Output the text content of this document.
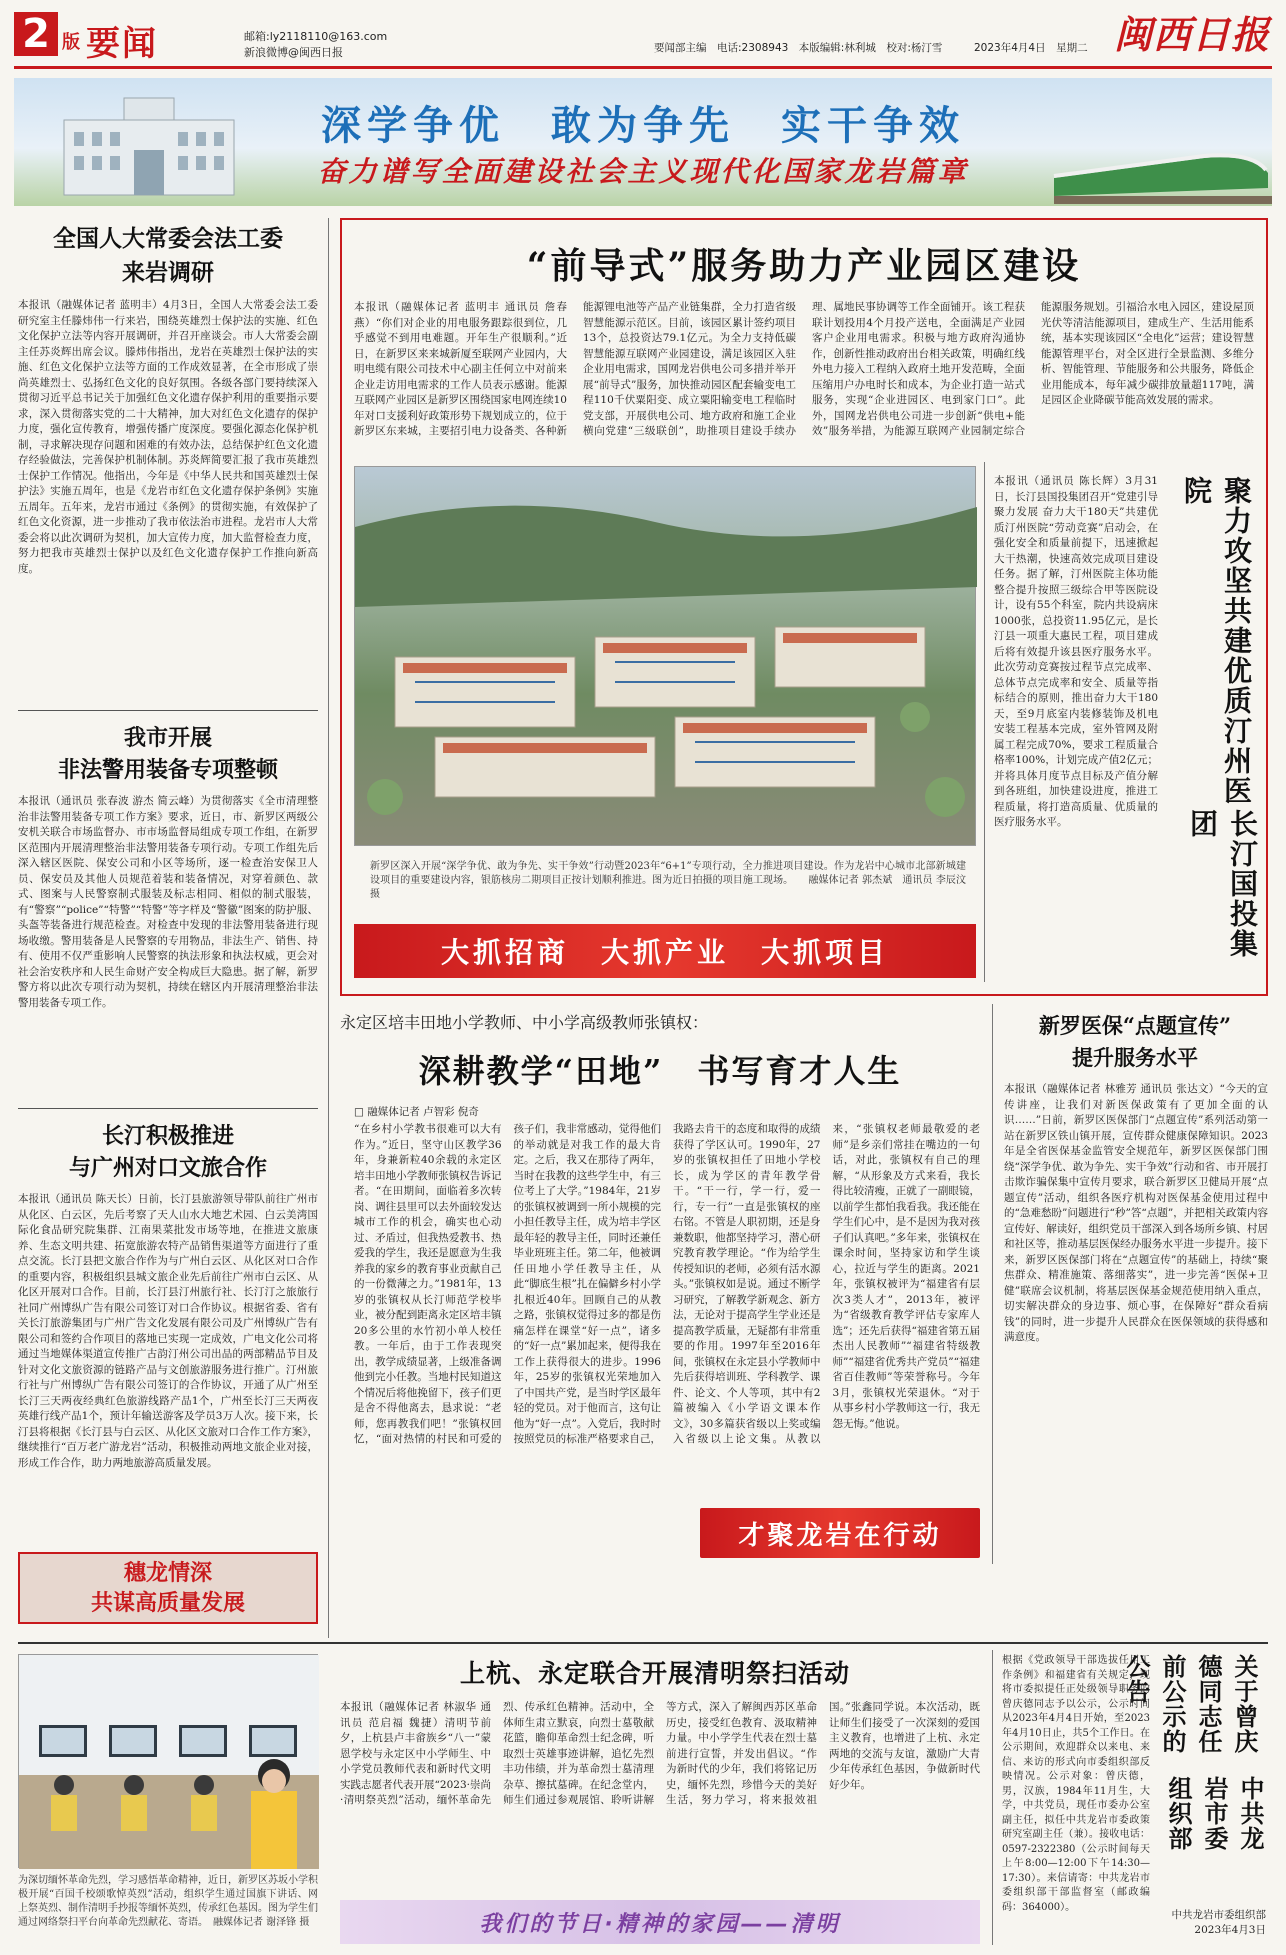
2 版 要闻	邮箱:ly2118110@163.com
新浪微博@闽西日报	要闻部主编　电话:2308943　本版编辑:林利城　校对:杨汀雪	2023年4月4日　星期二 闽西日报
深学争优　敢为争先　实干争效
奋力谱写全面建设社会主义现代化国家龙岩篇章
全国人大常委会法工委
来岩调研
本报讯（融媒体记者 蓝明丰）4月3日，全国人大常委会法工委研究室主任滕炜伟一行来岩，围绕英雄烈士保护法的实施、红色文化保护立法等内容开展调研，并召开座谈会。市人大常委会副主任苏炎辉出席会议。滕炜伟指出，龙岩在英雄烈士保护法的实施、红色文化保护立法等方面的工作成效显著，在全市形成了崇尚英雄烈士、弘扬红色文化的良好氛围。各级各部门要持续深入贯彻习近平总书记关于加强红色文化遗存保护利用的重要指示要求，深入贯彻落实党的二十大精神，加大对红色文化遗存的保护力度，强化宣传教育，增强传播广度深度。要强化源态化保护机制，寻求解决现存问题和困难的有效办法，总结保护红色文化遗存经验做法，完善保护机制体制。苏炎辉简要汇报了我市英雄烈士保护工作情况。他指出，今年是《中华人民共和国英雄烈士保护法》实施五周年，也是《龙岩市红色文化遗存保护条例》实施五周年。五年来，龙岩市通过《条例》的贯彻实施，有效保护了红色文化资源，进一步推动了我市依法治市进程。龙岩市人大常委会将以此次调研为契机，加大宣传力度，加大监督检查力度，努力把我市英雄烈士保护以及红色文化遗存保护工作推向新高度。
我市开展
非法警用装备专项整顿
本报讯（通讯员 张春波 游杰 简云峰）为贯彻落实《全市清理整治非法警用装备专项工作方案》要求，近日，市、新罗区两级公安机关联合市场监督办、市市场监督局组成专项工作组，在新罗区范围内开展清理整治非法警用装备专项行动。专项工作组先后深入辖区医院、保安公司和小区等场所，逐一检查治安保卫人员、保安员及其他人员规范着装和装备情况，对穿着颜色、款式、图案与人民警察制式服装及标志相同、相似的制式服装，有“警察”“police”“特警”“特警”等字样及“警徽”图案的防护服、头盔等装备进行规范检查。对检查中发现的非法警用装备进行现场收缴。警用装备是人民警察的专用物品，非法生产、销售、持有、使用不仅严重影响人民警察的执法形象和执法权威，更会对社会治安秩序和人民生命财产安全构成巨大隐患。据了解，新罗警方将以此次专项行动为契机，持续在辖区内开展清理整治非法警用装备专项工作。
长汀积极推进
与广州对口文旅合作
本报讯（通讯员 陈天长）日前，长汀县旅游领导带队前往广州市从化区、白云区，先后考察了天人山水大地艺术园、白云美湾国际化食品研究院集群、江南果菜批发市场等地，在推进文旅康养、生态文明共建、拓宽旅游农特产品销售渠道等方面进行了重点交流。长汀县把文旅合作作为与广州白云区、从化区对口合作的重要内容，积极组织县城文旅企业先后前往广州市白云区、从化区开展对口合作。目前，长汀县汀州旅行社、长汀汀之旅旅行社同广州博纵广告有限公司签订对口合作协议。根据省委、省有关长汀旅游集团与广州广告文化发展有限公司及广州博纵广告有限公司和签约合作项目的落地已实现一定成效，广电文化公司将通过当地媒体渠道宣传推广古韵汀州公司出品的两部精品节目及针对文化文旅资源的链路产品与文创旅游服务进行推广。汀州旅行社与广州博纵广告有限公司签订的合作协议，开通了从广州至长汀三天两夜经典红色旅游线路产品1个，广州至长汀三天两夜英雄行线产品1个，预计年输送游客及学员3万人次。接下来，长汀县将根据《长汀县与白云区、从化区文旅对口合作工作方案》，继续推行“百万老广游龙岩”活动，积极推动两地文旅企业对接，形成工作合作，助力两地旅游高质量发展。
穗龙情深
共谋高质量发展
“前导式”服务助力产业园区建设
本报讯（融媒体记者 蓝明丰 通讯员 詹春燕）“你们对企业的用电服务跟踪很到位，几乎感觉不到用电难题。开年生产很顺利。”近日，在新罗区来来城新厦至联网产业园内，大明电缆有限公司技术中心副主任何立中对前来企业走访用电需求的工作人员表示感谢。能源互联网产业园区是新罗区围绕国家电网连续10年对口支援利好政策形势下规划成立的，位于新罗区东来城，主要招引电力设备类、各种新能源锂电池等产品产业链集群，全力打造省级智慧能源示范区。目前，该园区累计签约项目13个，总投资达79.1亿元。为全力支持低碳智慧能源互联网产业园建设，满足该园区入驻企业用电需求，国网龙岩供电公司多措并举开展“前导式”服务，加快推动园区配套输变电工程110千伏粟阳变、成立粟阳输变电工程临时党支部，开展供电公司、地方政府和施工企业横向党建“三级联创”，助推项目建设手续办理、属地民事协调等工作全面铺开。该工程获联计划投用4个月投产送电，全面满足产业园客户企业用电需求。积极与地方政府沟通协作，创新性推动政府出台相关政策，明确红线外电力接入工程纳入政府土地开发范畴，全面压缩用户办电时长和成本，为企业打造一站式服务，实现“企业进园区、电到家门口”。此外，国网龙岩供电公司进一步创新“供电+能效”服务举措，为能源互联网产业园制定综合能源服务规划。引福洽水电入园区，建设屋顶光伏等清洁能源项目，建成生产、生活用能系统，基本实现该园区“全电化”运营；建设智慧能源管理平台，对全区进行全景监测、多维分析、智能管理、节能服务和公共服务，降低企业用能成本，每年减少碳排放量超117吨，满足园区企业降碳节能高效发展的需求。
新罗区深入开展“深学争优、敢为争先、实干争效”行动暨2023年“6+1”专项行动，全力推进项目建设。作为龙岩中心城市北部新城建设项目的重要建设内容，银筋核房二期项目正按计划顺利推进。图为近日拍摄的项目施工现场。　　融媒体记者 郭杰斌　通讯员 李辰汶　摄
大抓招商　大抓产业　大抓项目	长汀国投集团
聚力攻坚共建优质汀州医院
本报讯（通讯员 陈长辉）3月31日，长汀县国投集团召开“党建引导 聚力发展 奋力大干180天”共建优质汀州医院“劳动竞赛”启动会，在强化安全和质量前提下，迅速掀起大干热潮，快速高效完成项目建设任务。据了解，汀州医院主体功能整合提升按照三级综合甲等医院设计，设有55个科室，院内共设病床1000张，总投资11.95亿元，是长汀县一项重大惠民工程，项目建成后将有效提升该县医疗服务水平。此次劳动竞赛按过程节点完成率、总体节点完成率和安全、质量等指标结合的原则，推出奋力大干180天，至9月底室内装修装饰及机电安装工程基本完成，室外管网及附属工程完成70%，要求工程质量合格率100%，计划完成产值2亿元；并将具体月度节点目标及产值分解到各班组，加快建设进度，推进工程质量，将打造高质量、优质量的医疗服务水平。
永定区培丰田地小学教师、中小学高级教师张镇权：
深耕教学“田地”　书写育才人生
□ 融媒体记者 卢智彩 倪奇
“在乡村小学教书很难可以大有作为。”近日，坚守山区教学36年，身兼新粒40余载的永定区培丰田地小学教师张镇权告诉记者。“在田期间，面临着多次转岗、调往县里可以去外面较发达城市工作的机会，确实也心动过、矛盾过，但我热爱教书、热爱我的学生，我还是愿意为生我养我的家乡的教育事业贡献自己的一份微薄之力。”1981年，13岁的张镇权从长汀师范学校毕业，被分配到距离永定区培丰镇20多公里的水竹初小单人校任教。一年后，由于工作表现突出，教学成绩显著，上级准备调他到完小任教。当地村民知道这个情况后将他挽留下，孩子们更是舍不得他离去，恳求说：“老师，您再教我们吧！”张镇权回忆，“面对热情的村民和可爱的孩子们，我非常感动，觉得他们的举动就是对我工作的最大肯定。之后，我又在那待了两年，当时在我教的这些学生中，有三位考上了大学。”1984年，21岁的张镇权被调到一所小规模的完小担任教导主任，成为培丰学区最年轻的教导主任，同时还兼任毕业班班主任。第二年，他被调任田地小学任教导主任，从此“脚底生根”扎在偏僻乡村小学扎根近40年。回顾自己的从教之路，张镇权觉得过多的都是伤痛怎样在课堂“好一点”，诸多的“好一点”累加起来，便得我在工作上获得很大的进步。1996年，25岁的张镇权光荣地加入了中国共产党，是当时学区最年轻的党员。对于他而言，这句让他为“好一点”。入党后，我时时按照党员的标准严格要求自己，我路去肯干的态度和取得的成绩获得了学区认可。1990年，27岁的张镇权担任了田地小学校长，成为学区的青年教学骨干。“干一行，学一行，爱一行，专一行”一直是张镇权的座右铭。不管是人职初期，还是身兼数职，他都坚持学习，潜心研究教育教学理论。“作为给学生传授知识的老师，必须有活水源头。”张镇权如是说。通过不断学习研究，了解教学新观念、新方法，无论对于提高学生学业还是提高教学质量，无疑都有非常重要的作用。1997年至2016年间，张镇权在永定县小学教师中先后获得培训班、学科教学、课件、论文、个人等项，其中有2篇被编入《小学语文课本作文》，30多篇获省级以上奖或编入省级以上论文集。从教以来，“张镇权老师最敬爱的老师”是乡亲们常挂在嘴边的一句话，对此，张镇权有自己的理解，“从形象及方式来看，我长得比较清瘦，正就了一副眼镜，以前学生都怕我看我。我还能在学生们心中，是不是因为我对孩子们认真吧。”多年来，张镇权在课余时间，坚持家访和学生谈心，拉近与学生的距离。2021年，张镇权被评为“福建省有层次3类人才”，2013年，被评为“省级教育教学评估专家库人选”；还先后获得“福建省第五届杰出人民教师”“福建省特级教师”“福建省优秀共产党员”“福建省百佳教师”等荣誉称号。今年3月，张镇权光荣退休。“对于从事乡村小学教师这一行，我无怨无悔。”他说。
才聚龙岩在行动
新罗医保“点题宣传”
提升服务水平
本报讯（融媒体记者 林雅芳 通讯员 张达文）“今天的宣传讲座，让我们对新医保政策有了更加全面的认识……”日前，新罗区医保部门“点题宣传”系列活动第一站在新罗区铁山镇开展，宣传群众健康保障知识。2023年是全省医保基金监管安全规范年，新罗区医保部门围绕“深学争优、敢为争先、实干争效”行动和省、市开展打击欺诈骗保集中宣传月要求，联合新罗区卫健局开展“点题宣传”活动，组织各医疗机构对医保基金使用过程中的“急难愁盼”问题进行“秒”答“点题”，并把相关政策内容宣传好、解读好，组织党员干部深入到各场所乡镇、村居和社区等，推动基层医保经办服务水平进一步提升。接下来，新罗区医保部门将在“点题宣传”的基础上，持续“聚焦群众、精准施策、落细落实”，进一步完善“医保+卫健”联席会议机制，将基层医保基金规范使用纳入重点，切实解决群众的身边事、烦心事，在保障好“群众看病钱”的同时，进一步提升人民群众在医保领域的获得感和满意度。
上杭、永定联合开展清明祭扫活动
为深切缅怀革命先烈，学习感悟革命精神，近日，新罗区苏坂小学积极开展“百国千校颂歌悼英烈”活动，组织学生通过国旗下讲话、网上祭英烈、制作清明手抄报等缅怀英烈，传承红色基因。图为学生们通过网络祭扫平台向革命先烈献花、寄语。　融媒体记者 谢泽锋 摄
本报讯（融媒体记者 林淑华 通讯员 范启福 魏捷）清明节前夕，上杭县卢丰畲族乡“八一”蒙恩学校与永定区中小学师生、中小学党员教师代表和新时代文明实践志愿者代表开展“2023·崇尚·清明祭英烈”活动，缅怀革命先烈、传承红色精神。活动中，全体师生肃立默哀，向烈士墓敬献花篮，瞻仰革命烈士纪念碑，听取烈士英雄事迹讲解，追忆先烈丰功伟绩，并为革命烈士墓清理杂草、擦拭墓碑。在纪念堂内，师生们通过参观展馆、聆听讲解等方式，深入了解闽西苏区革命历史，接受红色教育、汲取精神力量。中小学学生代表在烈士墓前进行宣誓，并发出倡议。“作为新时代的少年，我们将铭记历史，缅怀先烈，珍惜今天的美好生活，努力学习，将来报效祖国。”张鑫同学说。本次活动，既让师生们接受了一次深刻的爱国主义教育，也增进了上杭、永定两地的交流与友谊，激励广大青少年传承红色基因，争做新时代好少年。
我们的节日·精神的家园——清明
中共龙岩市委组织部
关于曾庆德同志任前公示的公告
根据《党政领导干部选拔任用工作条例》和福建省有关规定，现将市委拟提任正处级领导职务的曾庆德同志予以公示，公示时间从2023年4月4日开始，至2023年4月10日止，共5个工作日。在公示期间，欢迎群众以来电、来信、来访的形式向市委组织部反映情况。公示对象：曾庆德，男，汉族，1984年11月生，大学，中共党员，现任市委办公室副主任，拟任中共龙岩市委政策研究室副主任（兼）。接收电话：0597-2322380（公示时间每天上午8:00—12:00下午14:30—17:30）。来信请寄：中共龙岩市委组织部干部监督室（邮政编码：364000）。
中共龙岩市委组织部
2023年4月3日
